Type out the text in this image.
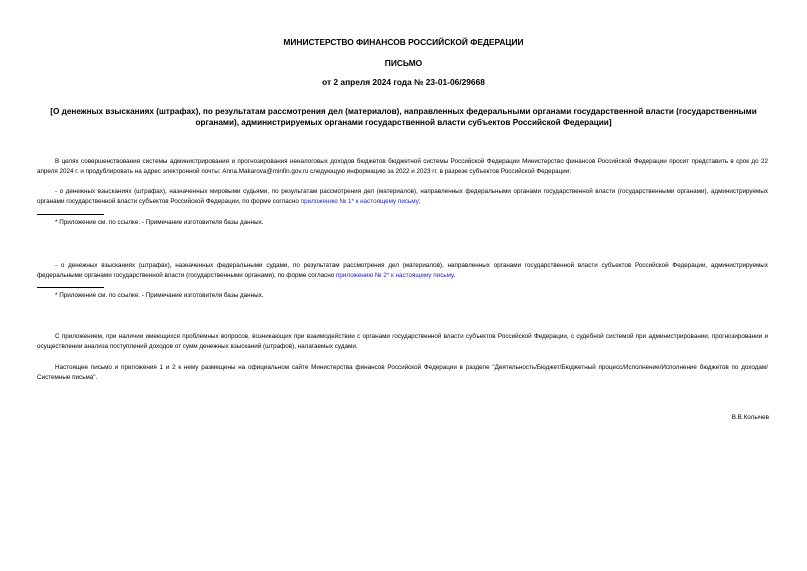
МИНИСТЕРСТВО ФИНАНСОВ РОССИЙСКОЙ ФЕДЕРАЦИИ
ПИСЬМО
от 2 апреля 2024 года № 23-01-06/29668
[О денежных взысканиях (штрафах), по результатам рассмотрения дел (материалов), направленных федеральными органами государственной власти (государственными органами), администрируемых органами государственной власти субъектов Российской Федерации]
В целях совершенствования системы администрирования и прогнозирования неналоговых доходов бюджетов бюджетной системы Российской Федерации Министерство финансов Российской Федерации просит представить в срок до 22 апреля 2024 г. и продублировать на адрес электронной почты: Anna.Makarova@minfin.gov.ru следующую информацию за 2022 и 2023 гг. в разрезе субъектов Российской Федерации:
- о денежных взысканиях (штрафах), назначенных мировыми судьями, по результатам рассмотрения дел (материалов), направленных федеральными органами государственной власти (государственными органами), администрируемых органами государственной власти субъектов Российской Федерации, по форме согласно приложению № 1* к настоящему письму;
* Приложение см. по ссылке. - Примечание изготовителя базы данных.
- о денежных взысканиях (штрафах), назначенных федеральными судами, по результатам рассмотрения дел (материалов), направленных органами государственной власти субъектов Российской Федерации, администрируемых федеральными органами государственной власти (государственными органами), по форме согласно приложению № 2* к настоящему письму.
* Приложение см. по ссылке. - Примечание изготовителя базы данных.
С приложением, при наличии имеющихся проблемных вопросов, возникающих при взаимодействии с органами государственной власти субъектов Российской Федерации, с судебной системой при администрировании, прогнозировании и осуществлении анализа поступлений доходов от сумм денежных взысканий (штрафов), налагаемых судами.
Настоящее письмо и приложения 1 и 2 к нему размещены на официальном сайте Министерства финансов Российской Федерации в разделе "Деятельность/Бюджет/Бюджетный процесс/Исполнение/Исполнение бюджетов по доходам/Системные письма".
В.В.Колычев
